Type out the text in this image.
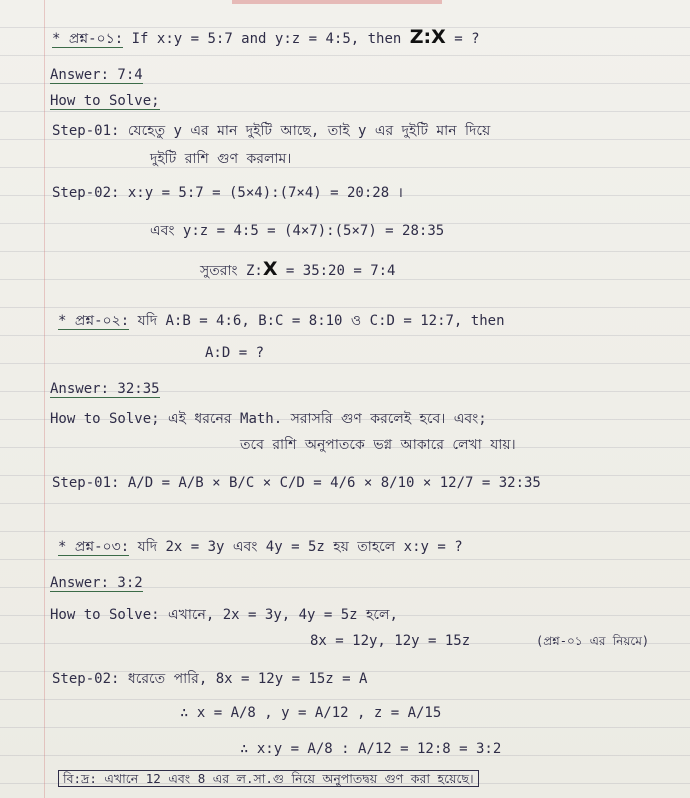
* প্রশ্ন-০১: If x:y = 5:7 and y:z = 4:5, then Z:X = ?
Answer: 7:4
How to Solve;
Step-01: যেহেতু y এর মান দুইটি আছে, তাই y এর দুইটি মান দিয়ে
দুইটি রাশি গুণ করলাম।
Step-02: x:y = 5:7 = (5×4):(7×4) = 20:28 ।
এবং y:z = 4:5 = (4×7):(5×7) = 28:35
সুতরাং Z:X = 35:20 = 7:4
* প্রশ্ন-০২: যদি A:B = 4:6, B:C = 8:10 ও C:D = 12:7, then
A:D = ?
Answer: 32:35
How to Solve; এই ধরনের Math. সরাসরি গুণ করলেই হবে। এবং;
তবে রাশি অনুপাতকে ভগ্ন আকারে লেখা যায়।
Step-01: A/D = A/B × B/C × C/D = 4/6 × 8/10 × 12/7 = 32:35
* প্রশ্ন-০৩: যদি 2x = 3y এবং 4y = 5z হয় তাহলে x:y = ?
Answer: 3:2
How to Solve: এখানে, 2x = 3y, 4y = 5z হলে,
8x = 12y, 12y = 15z	(প্রশ্ন-০১ এর নিয়মে)
Step-02: ধরেতে পারি, 8x = 12y = 15z = A
∴ x = A/8 , y = A/12 , z = A/15
∴ x:y = A/8 : A/12 = 12:8 = 3:2
বি:দ্র: এখানে 12 এবং 8 এর ল.সা.গু নিয়ে অনুপাতদ্বয় গুণ করা হয়েছে।
